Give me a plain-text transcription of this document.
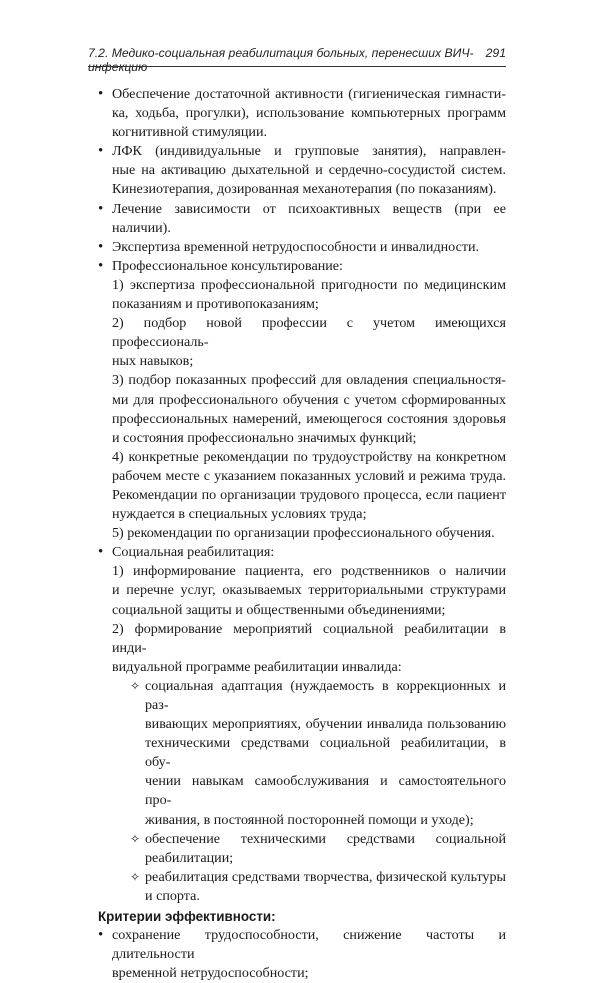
7.2. Медико-социальная реабилитация больных, перенесших ВИЧ-инфекцию
291
• Обеспечение достаточной активности (гигиеническая гимнасти-
ка, ходьба, прогулки), использование компьютерных программ
когнитивной стимуляции.
• ЛФК (индивидуальные и групповые занятия), направлен-
ные на активацию дыхательной и сердечно-сосудистой систем.
Кинезиотерапия, дозированная механотерапия (по показаниям).
• Лечение зависимости от психоактивных веществ (при ее наличии).
• Экспертиза временной нетрудоспособности и инвалидности.
• Профессиональное консультирование:
1) экспертиза профессиональной пригодности по медицинским
показаниям и противопоказаниям;
2) подбор новой профессии с учетом имеющихся профессиональ-
ных навыков;
3) подбор показанных профессий для овладения специальностя-
ми для профессионального обучения с учетом сформированных
профессиональных намерений, имеющегося состояния здоровья
и состояния профессионально значимых функций;
4) конкретные рекомендации по трудоустройству на конкретном
рабочем месте с указанием показанных условий и режима труда.
Рекомендации по организации трудового процесса, если пациент
нуждается в специальных условиях труда;
5) рекомендации по организации профессионального обучения.
• Социальная реабилитация:
1) информирование пациента, его родственников о наличии
и перечне услуг, оказываемых территориальными структурами
социальной защиты и общественными объединениями;
2) формирование мероприятий социальной реабилитации в инди-
видуальной программе реабилитации инвалида:
✧ социальная адаптация (нуждаемость в коррекционных и раз-
вивающих мероприятиях, обучении инвалида пользованию
техническими средствами социальной реабилитации, в обу-
чении навыкам самообслуживания и самостоятельного про-
живания, в постоянной посторонней помощи и уходе);
✧ обеспечение техническими средствами социальной
реабилитации;
✧ реабилитация средствами творчества, физической культуры
и спорта.
Критерии эффективности:
• сохранение трудоспособности, снижение частоты и длительности
временной нетрудоспособности;
